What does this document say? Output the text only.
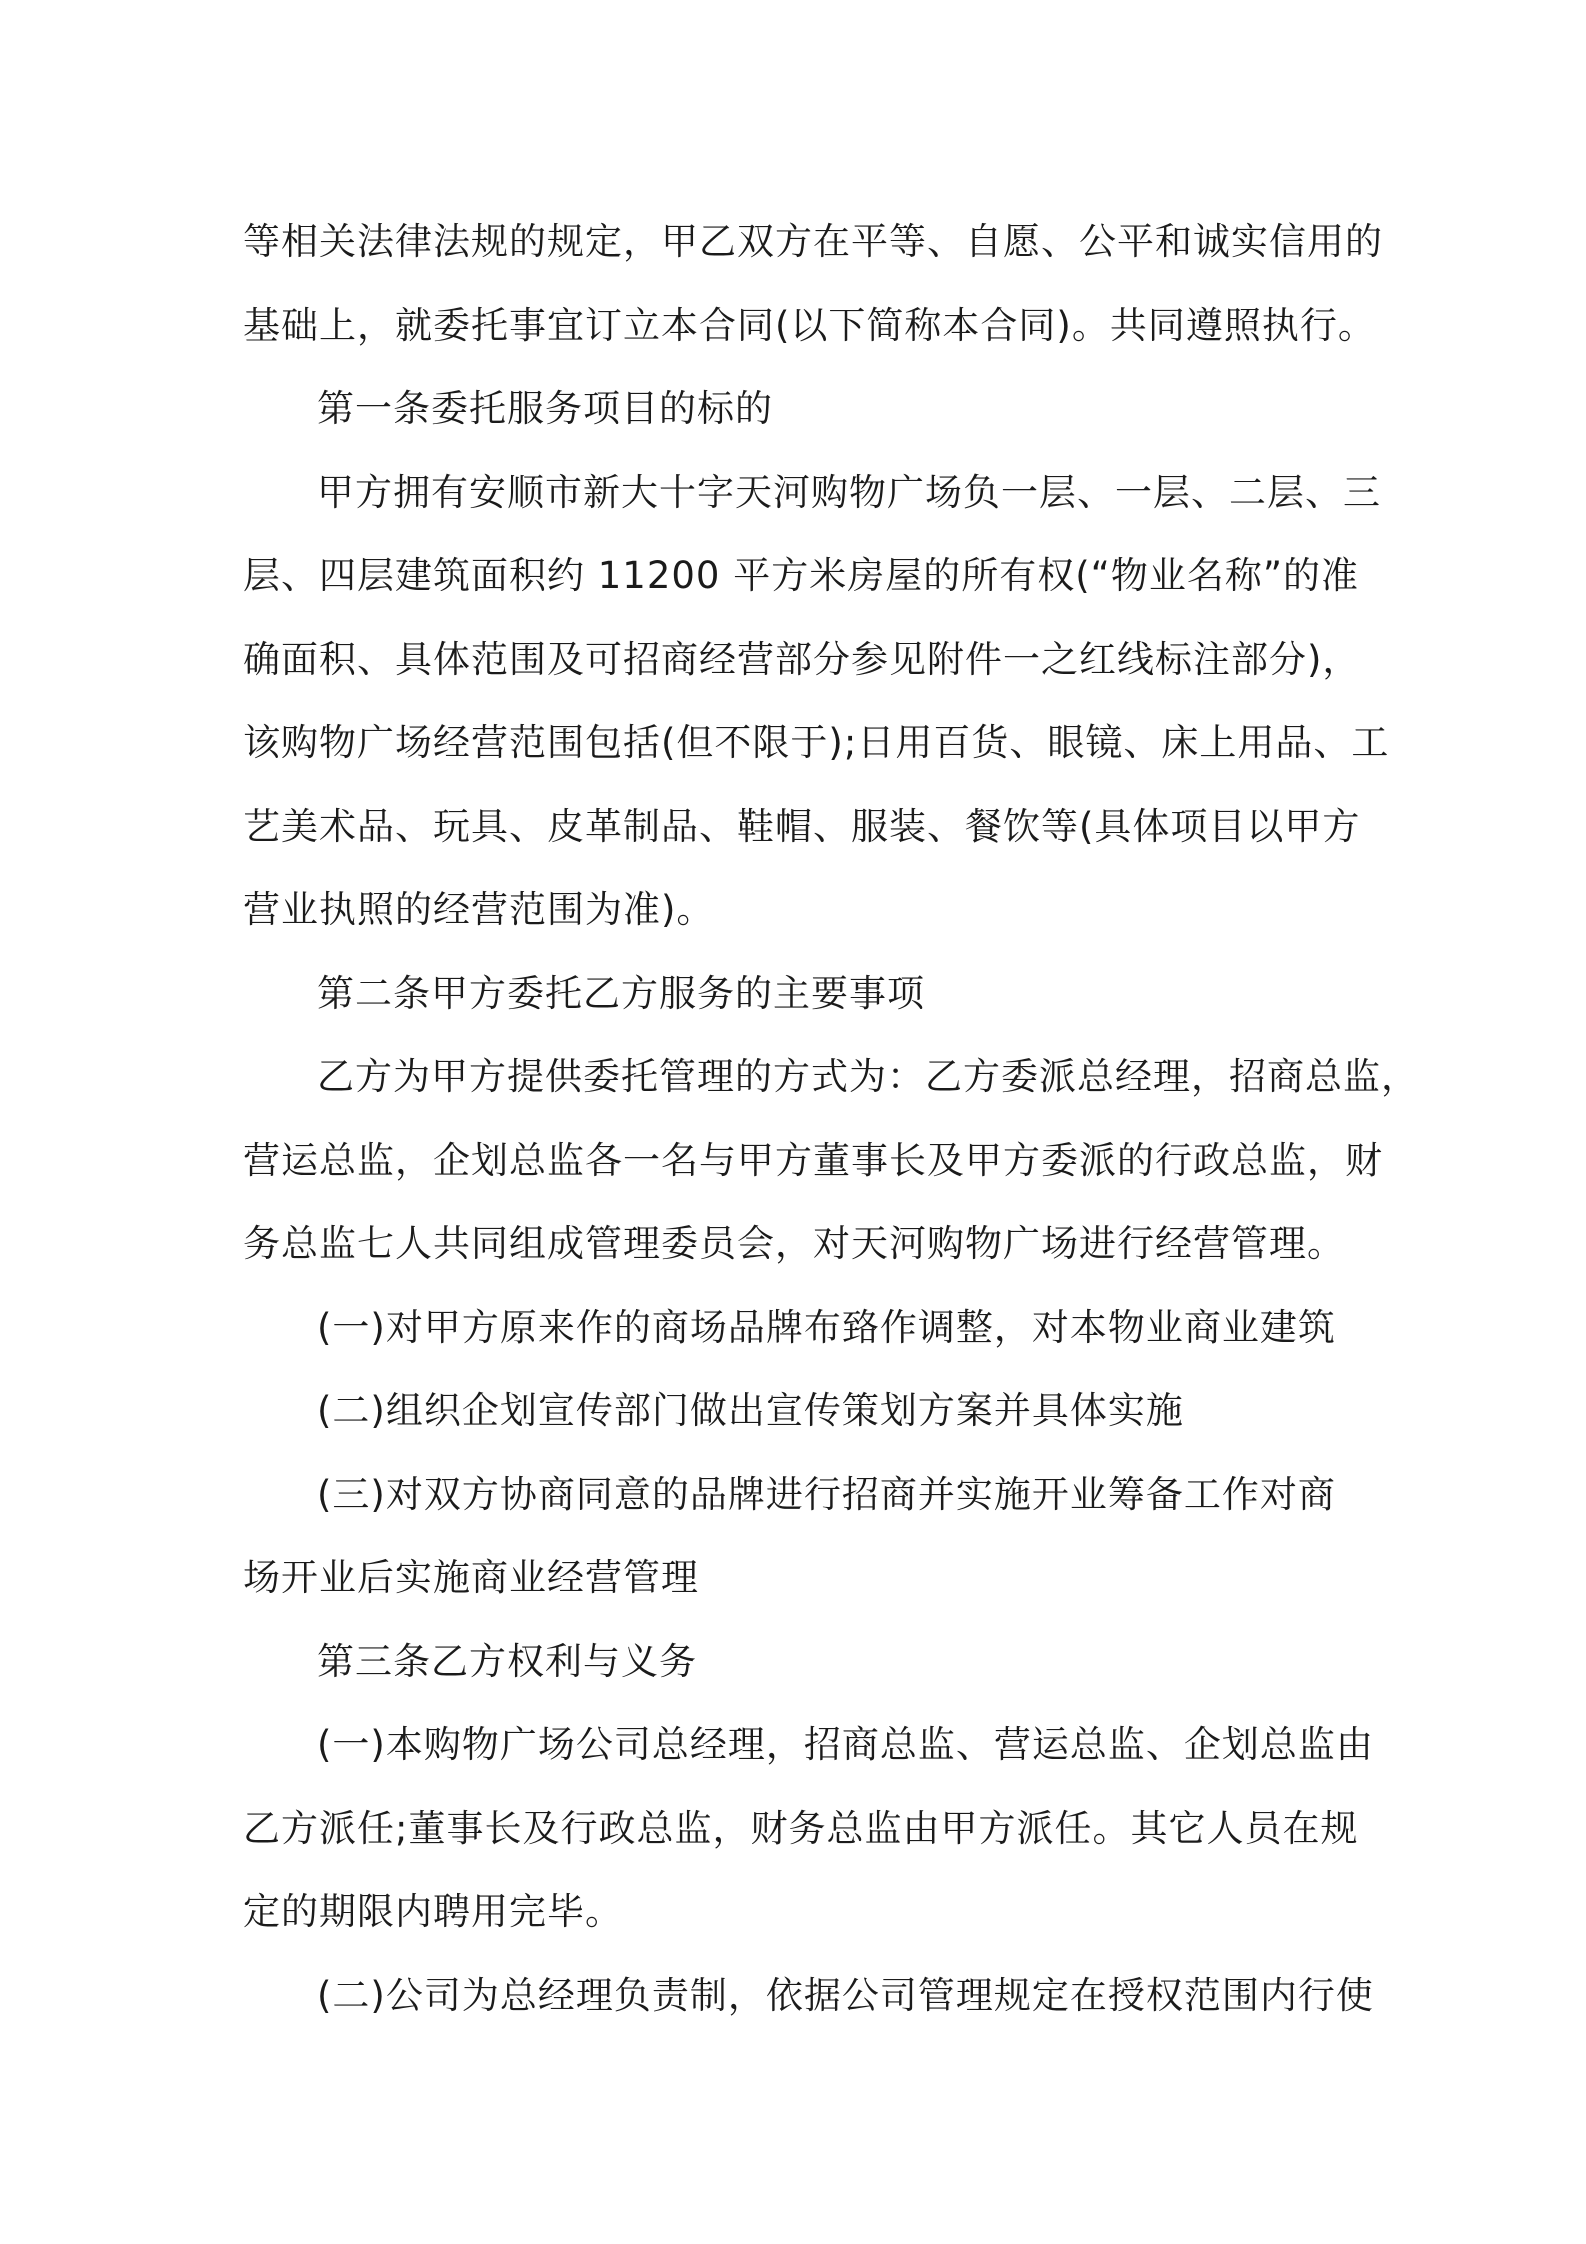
等相关法律法规的规定，甲乙双方在平等、自愿、公平和诚实信用的
基础上，就委托事宜订立本合同(以下简称本合同)。共同遵照执行。
第一条委托服务项目的标的
甲方拥有安顺市新大十字天河购物广场负一层、一层、二层、三
层、四层建筑面积约 11200 平方米房屋的所有权(“物业名称”的准
确面积、具体范围及可招商经营部分参见附件一之红线标注部分)，
该购物广场经营范围包括(但不限于);日用百货、眼镜、床上用品、工
艺美术品、玩具、皮革制品、鞋帽、服装、餐饮等(具体项目以甲方
营业执照的经营范围为准)。
第二条甲方委托乙方服务的主要事项
乙方为甲方提供委托管理的方式为：乙方委派总经理，招商总监，
营运总监，企划总监各一名与甲方董事长及甲方委派的行政总监，财
务总监七人共同组成管理委员会，对天河购物广场进行经营管理。
(一)对甲方原来作的商场品牌布臵作调整，对本物业商业建筑
(二)组织企划宣传部门做出宣传策划方案并具体实施
(三)对双方协商同意的品牌进行招商并实施开业筹备工作对商
场开业后实施商业经营管理
第三条乙方权利与义务
(一)本购物广场公司总经理，招商总监、营运总监、企划总监由
乙方派任;董事长及行政总监，财务总监由甲方派任。其它人员在规
定的期限内聘用完毕。
(二)公司为总经理负责制，依据公司管理规定在授权范围内行使
